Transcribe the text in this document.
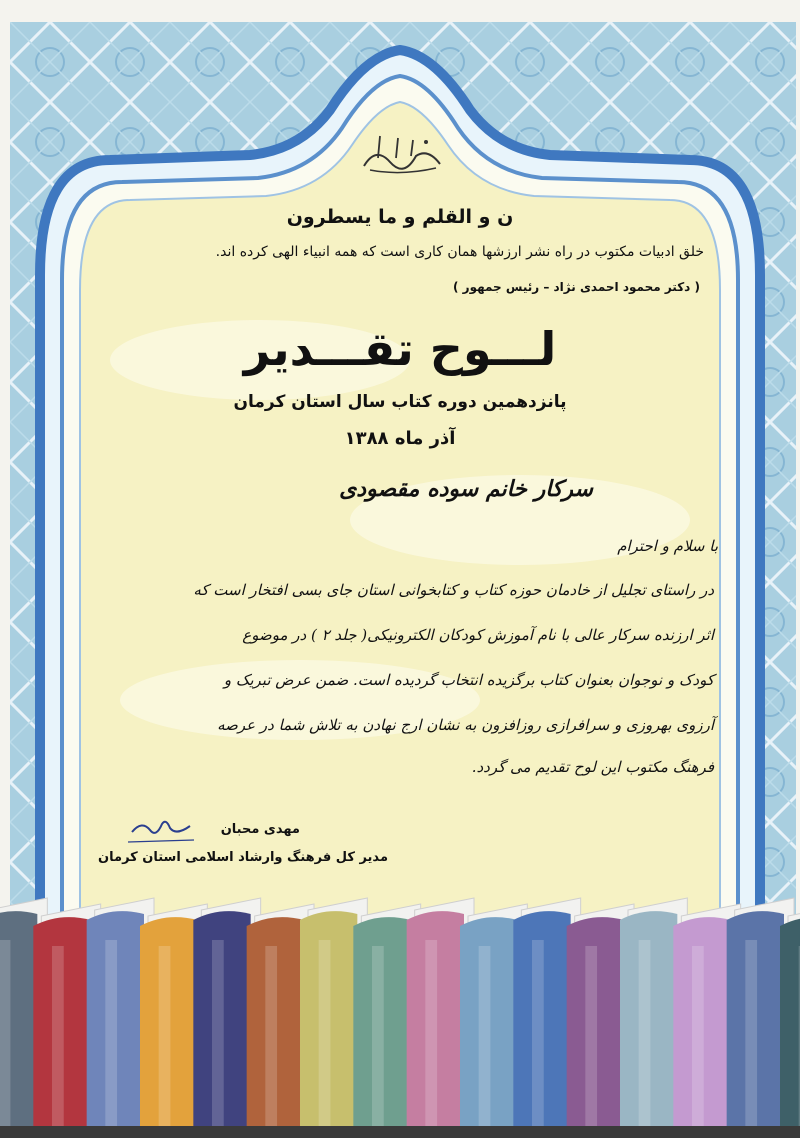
ن و القلم و ما یسطرون
خلق ادبیات مکتوب در راه نشر ارزشها همان کاری است که همه انبیاء الهی کرده اند.
( دکتر محمود احمدی نژاد – رئیس جمهور )
لـــوح تقـــدیر
پانزدهمین دوره کتاب سال استان کرمان
آذر ماه ۱۳۸۸
سرکار خانم سوده مقصودی
با سلام و احترام
در راستای تجلیل از خادمان حوزه کتاب و کتابخوانی استان جای بسی افتخار است که
اثر ارزنده سرکار عالی با نام آموزش کودکان الکترونیکی( جلد ۲ ) در موضوع
کودک و نوجوان بعنوان کتاب برگزیده انتخاب گردیده است. ضمن عرض تبریک و
آرزوی بهروزی و سرافرازی روزافزون به نشان ارج نهادن به تلاش شما در عرصه
فرهنگ مکتوب این لوح تقدیم می گردد.
مهدی محبان
مدیر کل فرهنگ وارشاد اسلامی استان کرمان
